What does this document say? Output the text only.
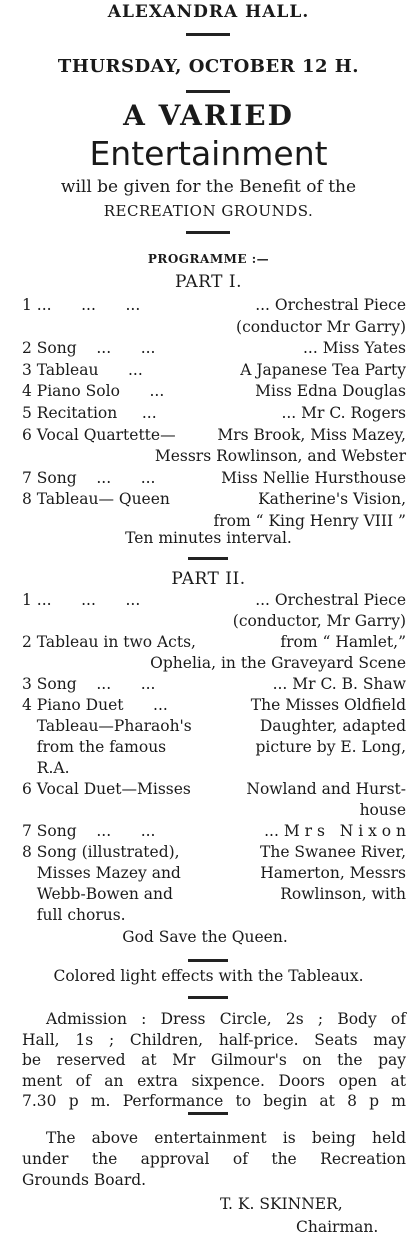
ALEXANDRA HALL.
THURSDAY, OCTOBER 12 H.
A VARIED
Entertainment
will be given for the Benefit of the
RECREATION GROUNDS.
PROGRAMME :—
PART I.
1 ...      ...      ...	... Orchestral Piece
(conductor Mr Garry)
2 Song    ...      ...	... Miss Yates
3 Tableau      ...	A Japanese Tea Party
4 Piano Solo      ...	Miss Edna Douglas
5 Recitation     ...	... Mr C. Rogers
6 Vocal Quartette—	Mrs Brook, Miss Mazey,
Messrs Rowlinson, and Webster
7 Song    ...      ...	Miss Nellie Hursthouse
8 Tableau— Queen	Katherine's Vision,
from “ King Henry VIII ”
Ten minutes interval.
PART II.
1 ...      ...      ...	... Orchestral Piece
(conductor, Mr Garry)
2 Tableau in two Acts,	from “ Hamlet,”
Ophelia, in the Graveyard Scene
3 Song    ...      ...	... Mr C. B. Shaw
4 Piano Duet      ...	The Misses Oldfield
Tableau—Pharaoh's	Daughter, adapted
from the famous	picture by E. Long,
R.A.
6 Vocal Duet—Misses	Nowland and Hurst-
house
7 Song    ...      ...	... M r s   N i x o n
8 Song (illustrated),	The Swanee River,
Misses Mazey and	Hamerton, Messrs
Webb-Bowen and	Rowlinson, with
full chorus.
God Save the Queen.
Colored light effects with the Tableaux.
Admission : Dress Circle, 2s ; Body of
Hall, 1s ; Children, half-price. Seats may
be reserved at Mr Gilmour's on the pay
ment of an extra sixpence. Doors open at
7.30 p m. Performance to begin at 8 p m
The above entertainment is being held
under the approval of the Recreation
Grounds Board.
T. K. SKINNER,
Chairman.
